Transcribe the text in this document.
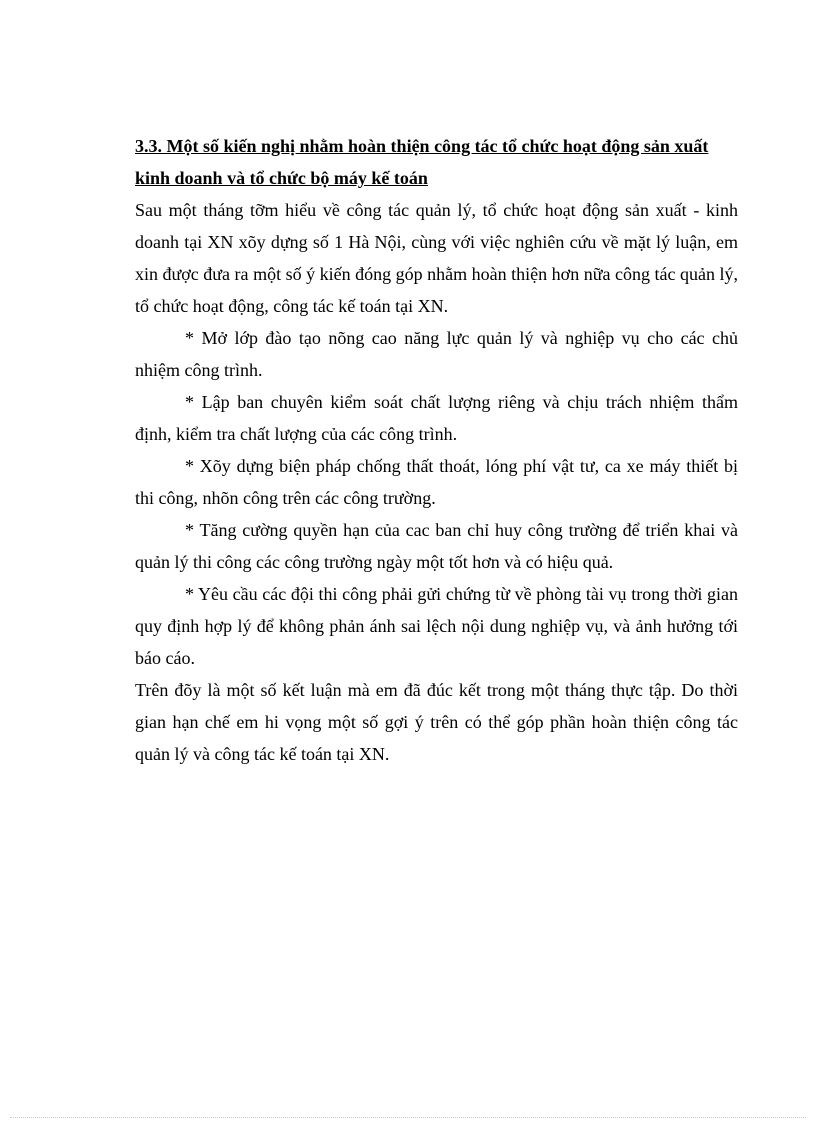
3.3. Một số kiến nghị nhằm hoàn thiện công tác tổ chức hoạt động sản xuất kinh doanh và tổ chức bộ máy kế toán

Sau một tháng tỡm hiểu về công tác quản lý, tổ chức hoạt động sản xuất - kinh doanh tại XN xõy dựng số 1 Hà Nội, cùng với việc nghiên cứu về mặt lý luận, em xin được đưa ra một số ý kiến đóng góp nhằm hoàn thiện hơn nữa công tác quản lý, tổ chức hoạt động, công tác kế toán tại XN.

* Mở lớp đào tạo nõng cao năng lực quản lý và nghiệp vụ cho các chủ nhiệm công trình.

* Lập ban chuyên kiểm soát chất lượng riêng và chịu trách nhiệm thẩm định, kiểm tra chất lượng của các công trình.

* Xõy dựng biện pháp chống thất thoát, lóng phí vật tư, ca xe máy thiết bị thi công, nhõn công trên các công trường.

* Tăng cường quyền hạn của cac ban chỉ huy công trường để triển khai và quản lý thi công các công trường ngày một tốt hơn và có hiệu quả.

* Yêu cầu các đội thi công phải gửi chứng từ về phòng tài vụ trong thời gian quy định hợp lý để không phản ánh sai lệch nội dung nghiệp vụ, và ảnh hưởng tới báo cáo.

Trên đõy là một số kết luận mà em đã đúc kết trong một tháng thực tập. Do thời gian hạn chế em hi vọng một số gợi ý trên có thể góp phần hoàn thiện công tác quản lý và công tác kế toán tại XN.
